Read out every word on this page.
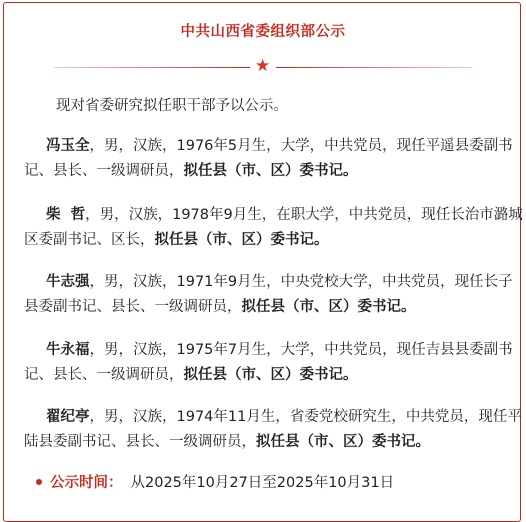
中共山西省委组织部公示
★
现对省委研究拟任职干部予以公示。
冯玉全，男，汉族，1976年5月生，大学，中共党员，现任平遥县委副书
记、县长、一级调研员，拟任县（市、区）委书记。
柴  哲，男，汉族，1978年9月生，在职大学，中共党员，现任长治市潞城
区委副书记、区长，拟任县（市、区）委书记。
牛志强，男，汉族，1971年9月生，中央党校大学，中共党员，现任长子
县委副书记、县长、一级调研员，拟任县（市、区）委书记。
牛永福，男，汉族，1975年7月生，大学，中共党员，现任吉县县委副书
记、县长、一级调研员，拟任县（市、区）委书记。
翟纪亭，男，汉族，1974年11月生，省委党校研究生，中共党员，现任平
陆县委副书记、县长、一级调研员，拟任县（市、区）委书记。
公示时间： 从2025年10月27日至2025年10月31日
